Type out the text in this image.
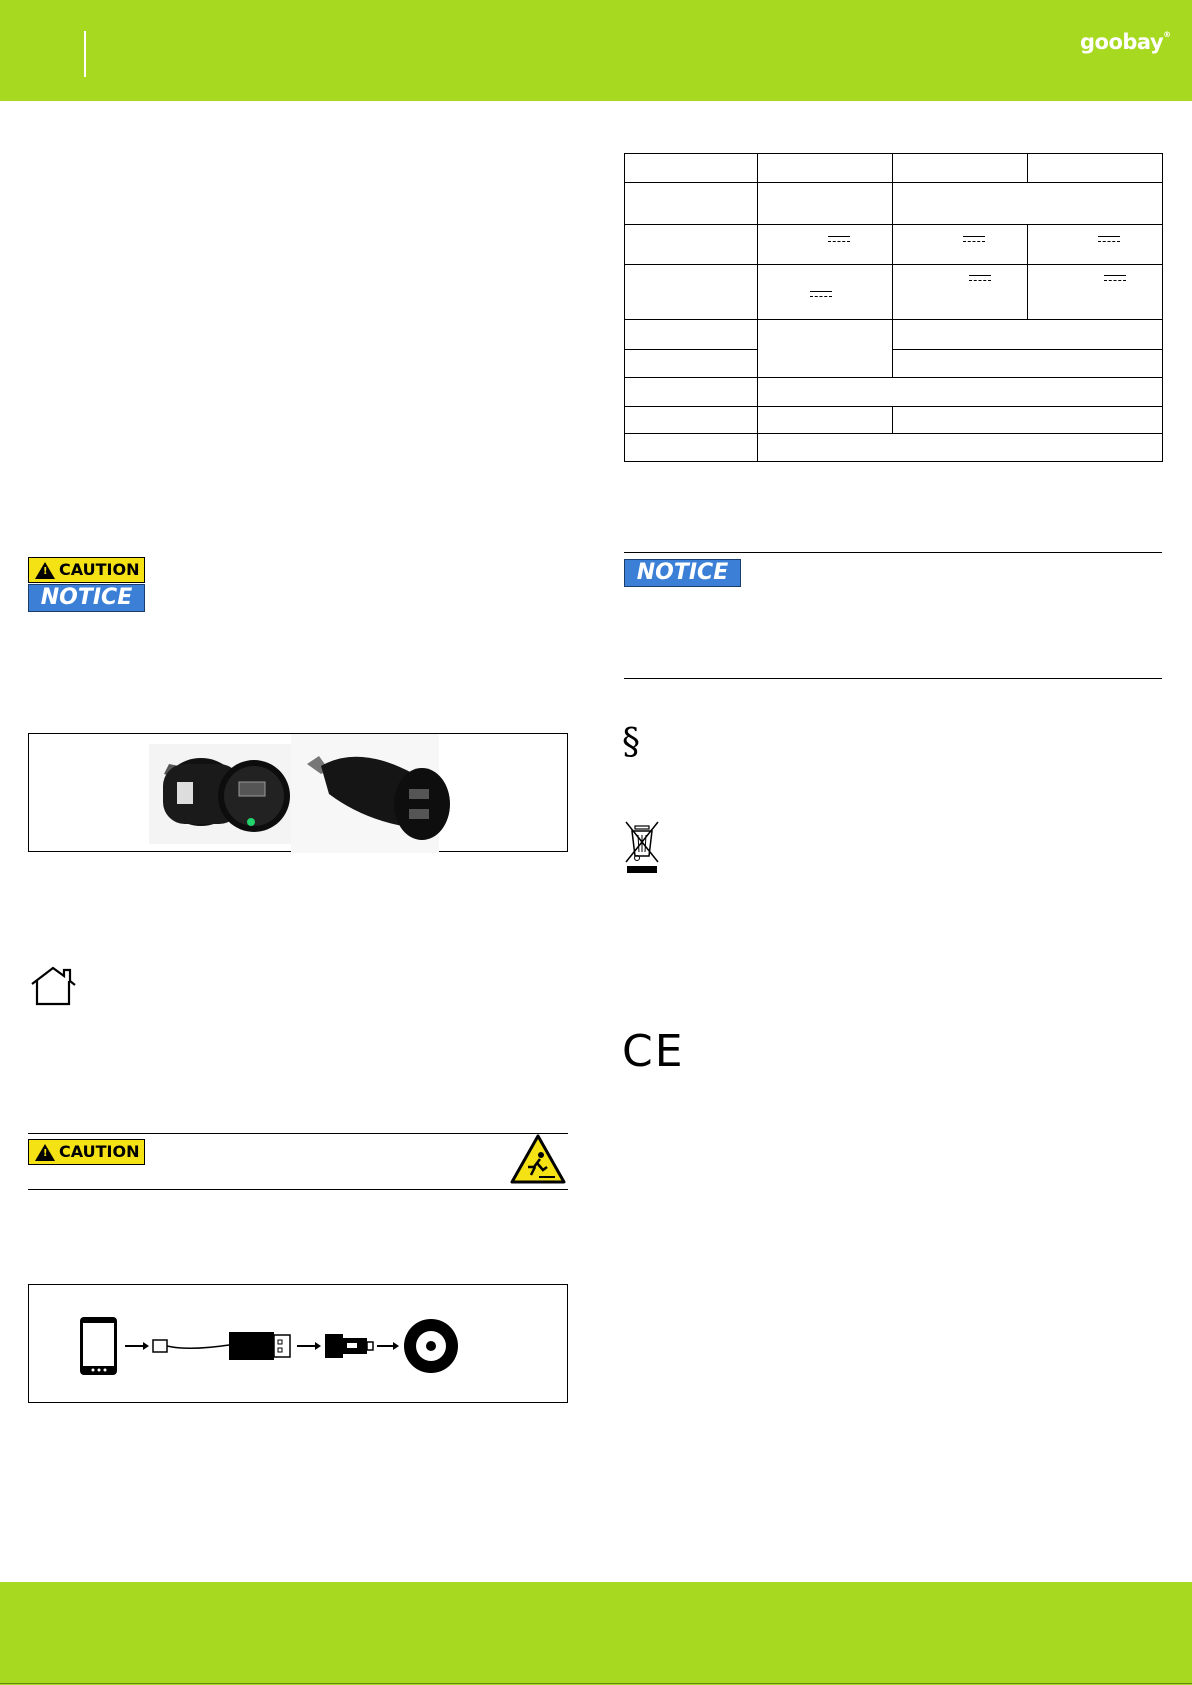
goobay®
!
CAUTION
NOTICE
!
CAUTION

NOTICE
§
CE
